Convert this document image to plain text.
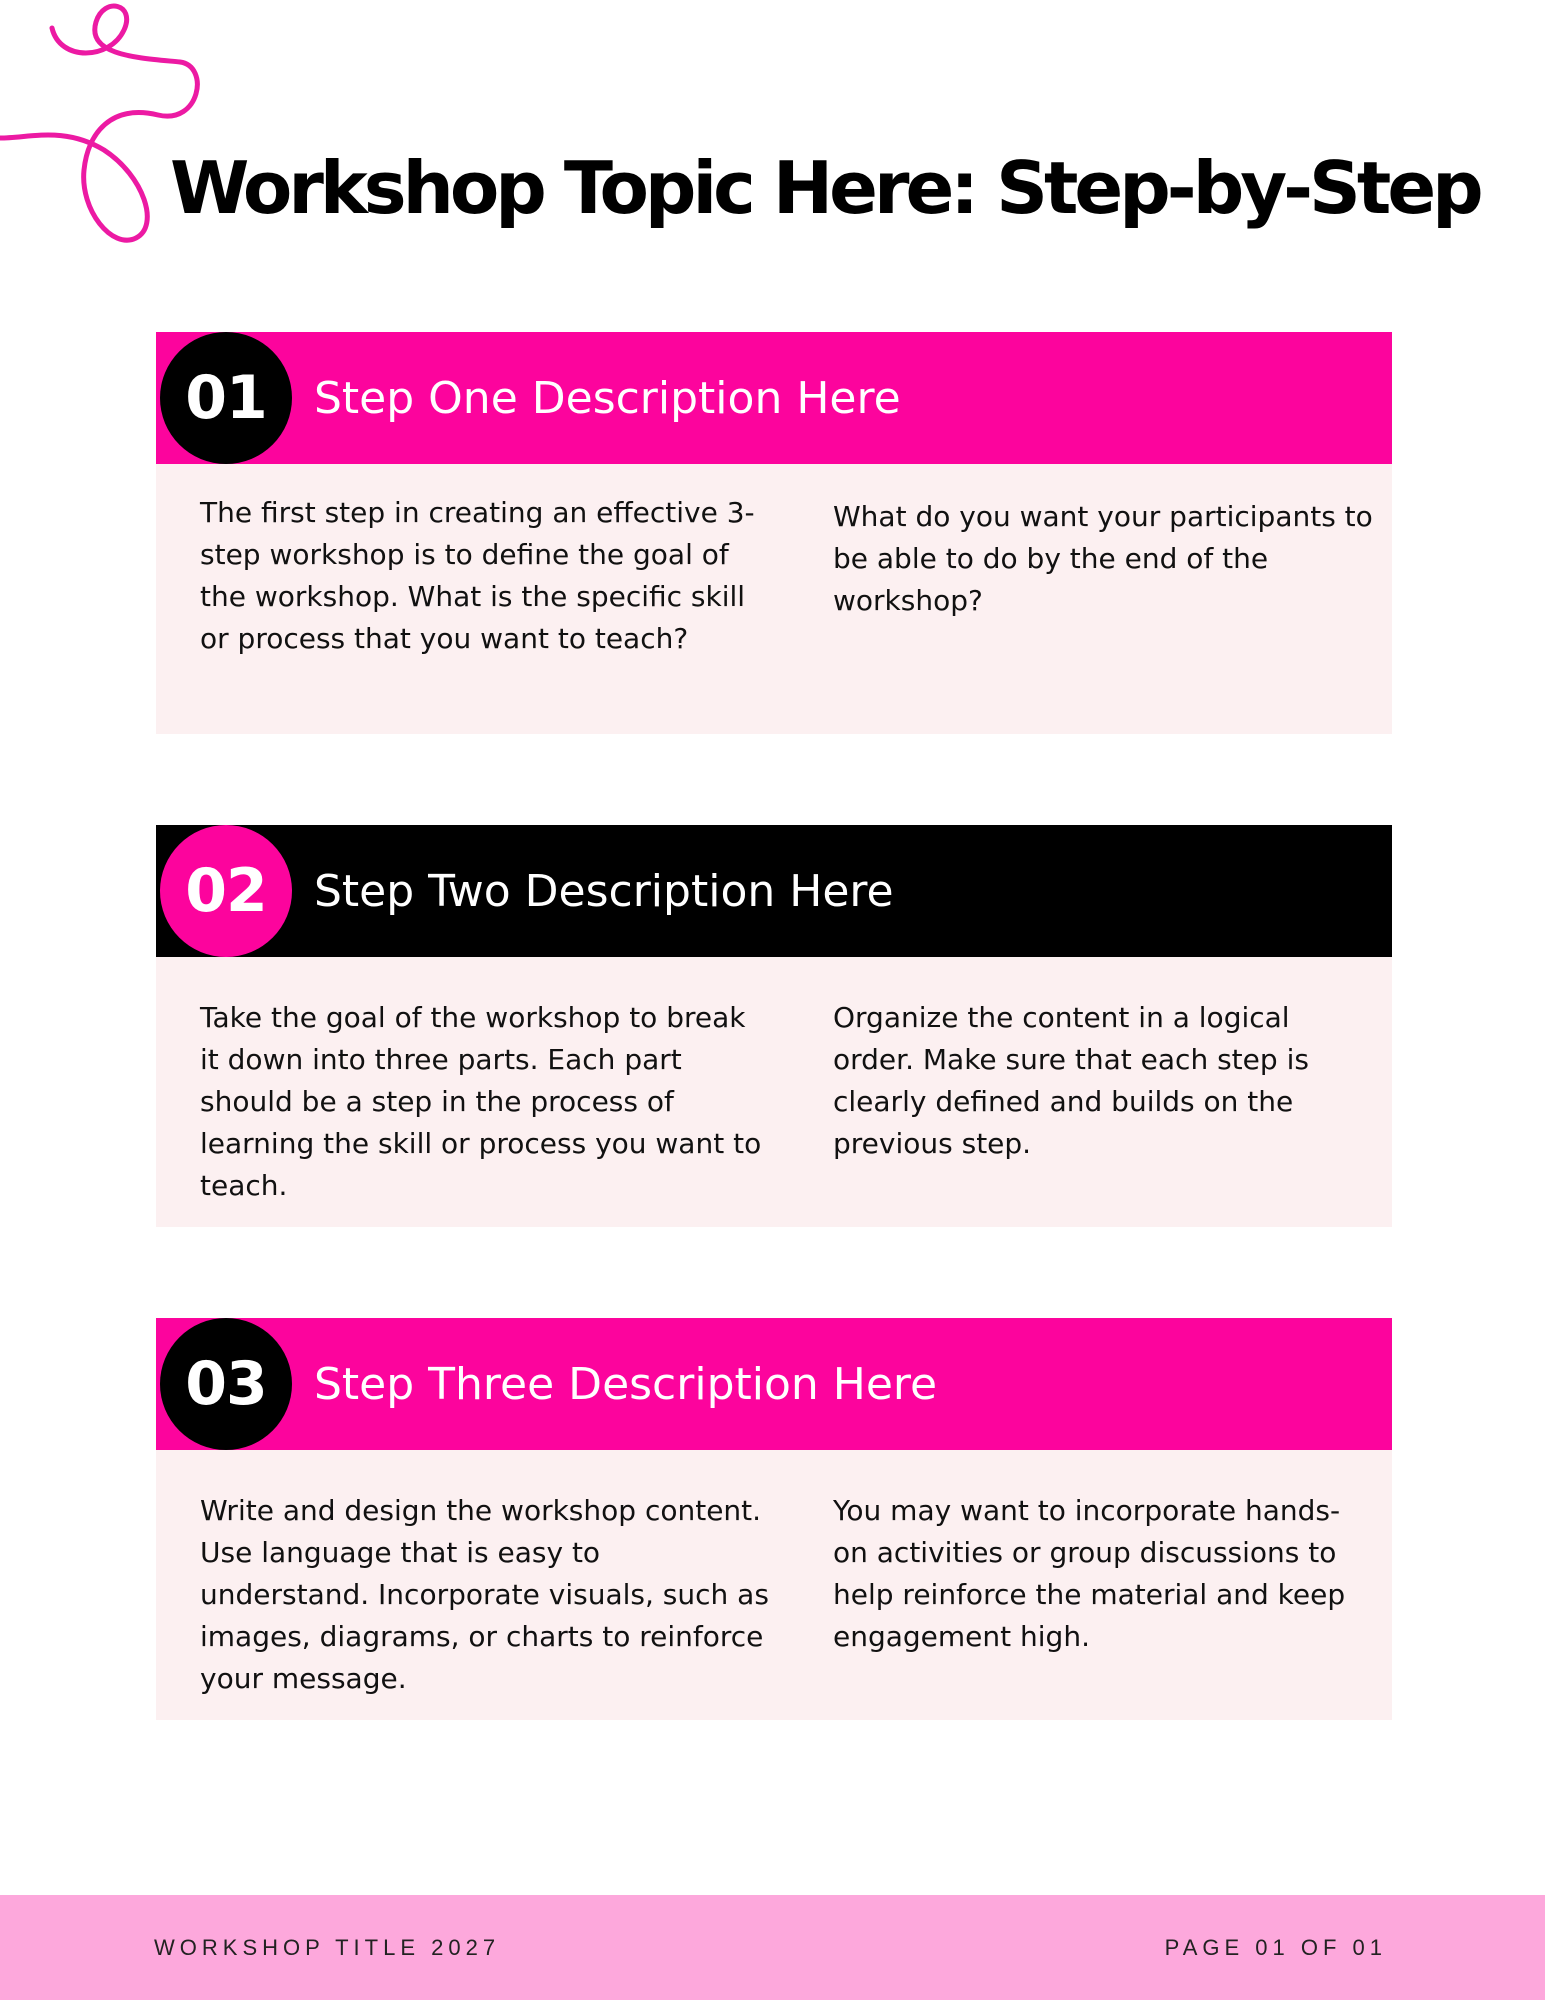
Workshop Topic Here: Step-by-Step
01	Step One Description Here

The first step in creating an effective 3-step workshop is to define the goal of the workshop. What is the specific skill or process that you want to teach?

What do you want your participants to be able to do by the end of the workshop?

02	Step Two Description Here

Take the goal of the workshop to break it down into three parts. Each part should be a step in the process of learning the skill or process you want to teach.

Organize the content in a logical order. Make sure that each step is clearly defined and builds on the previous step.

03	Step Three Description Here

Write and design the workshop content. Use language that is easy to understand. Incorporate visuals, such as images, diagrams, or charts to reinforce your message.

You may want to incorporate hands-on activities or group discussions to help reinforce the material and keep engagement high.

WORKSHOP TITLE 2027	PAGE 01 OF 01
